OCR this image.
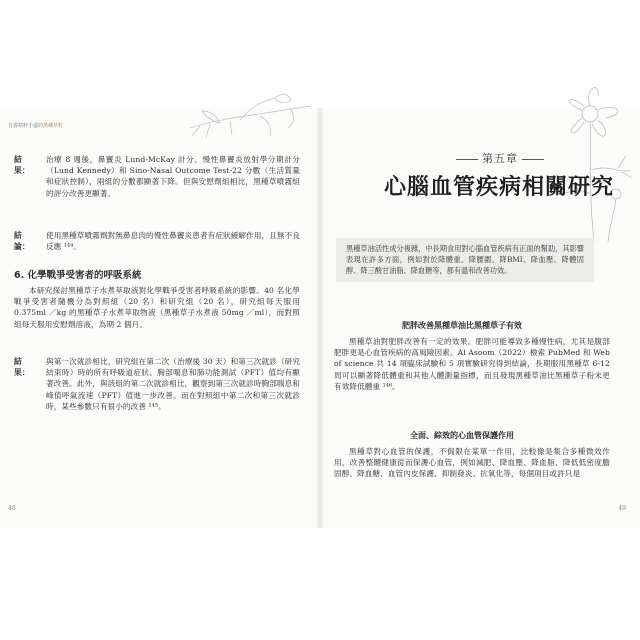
有睿精粹手邊的黑種草籽
結果：
治療 8 週後，鼻竇炎 Lund-McKay 計分、慢性鼻竇炎放射學分期計分（Lund Kennedy）和 Sino-Nasal Outcome Test-22 分數（生活質量和症狀控制），兩組的分數都顯著下降。但與安慰劑組相比，黑種草噴霧組的評分改善更顯著。
結論：
使用黑種草噴霧劑對無鼻息肉的慢性鼻竇炎患者有症狀緩解作用，且無不良反應 ¹⁴⁴。
6. 化學戰爭受害者的呼吸系統
本研究探討黑種草子水煮萃取液對化學戰爭受害者呼吸系統的影響。40 名化學戰爭受害者隨機分為對照組（20 名）和研究組（20 名），研究組每天服用 0.375ml ／kg 的黑種草子水煮萃取物液（黑種草子水煮液 50mg ／ml），而對照組每天服用安慰劑溶液，為期 2 個月。
結果：
與第一次就診相比，研究組在第二次（治療後 30 天）和第三次就診（研究結束時）時的所有呼吸道症狀、胸部喘息和肺功能測試（PFT）值均有顯著改善。此外，與該組的第二次就診相比，觀察到第三次就診時胸部喘息和峰值呼氣流速（PFT）值進一步改善。而在對照組中第二次和第三次就診時，某些參數只有很小的改善 ¹⁴⁵。
48
第五章
心腦血管疾病相關研究
黑種草油活性成分複雜，中長期食用對心腦血管疾病有正面的幫助，其影響表現在許多方面，例如對於降體重、降腰圍、降BMI、降血壓、降體固醇、降三酸甘油脂、降血糖等，都有溫和改善功效。
肥胖改善黑種草油比黑種草子有效
黑種草油對肥胖改善有一定的效果。肥胖可能導致多種慢性病，尤其是腹部肥胖更是心血管疾病的高風險因素。Al Asoom（2022）檢索 PubMed 和 Web of science 共 14 項臨床試驗和 5 項實驗研究得到結論，長期服用黑種草 6-12 周可以顯著降低體重和其他人體測量指標，而且發現黑種草油比黑種草子粉末更有效降低體重 ¹⁴⁶。
全面、綜效的心血管保護作用
黑種草對心血管的保護，不侷限在某單一作用，比較像是集合多種微效作用，改善整體健康從而保護心血管，例如減肥、降血壓、降血脂、降低低密度膽固醇、降血糖、血管內皮保護、抑制發炎、抗氧化等，每個項目或許只是
49
